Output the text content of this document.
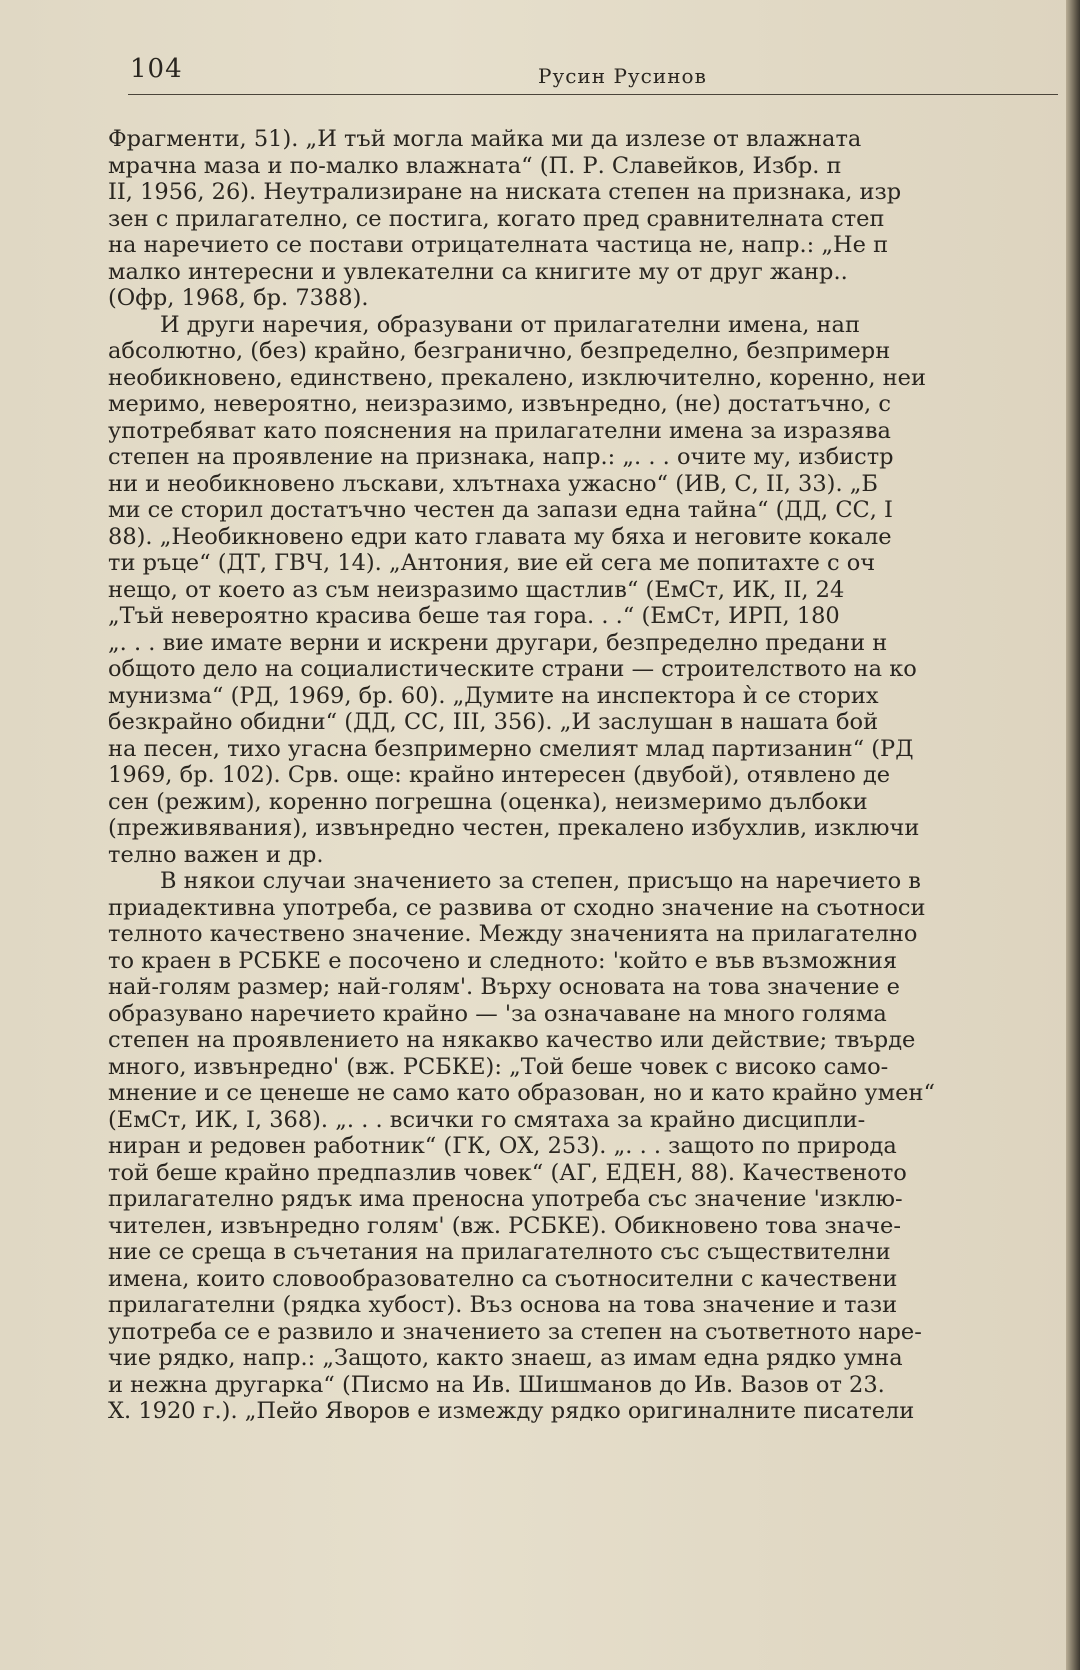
104	Русин Русинов
Фрагменти, 51). „И тъй могла майка ми да излезе от влажната
мрачна маза и по-малко влажната“ (П. Р. Славейков, Избр. п
II, 1956, 26). Неутрализиране на ниската степен на признака, изр
зен с прилагателно, се постига, когато пред сравнителната степ
на наречието се постави отрицателната частица не, напр.: „Не п
малко интересни и увлекателни са книгите му от друг жанр..
(Офр, 1968, бр. 7388).
И други наречия, образувани от прилагателни имена, нап
абсолютно, (без) крайно, безгранично, безпределно, безпримерн
необикновено, единствено, прекалено, изключително, коренно, неи
меримо, невероятно, неизразимо, извънредно, (не) достатъчно, с
употребяват като пояснения на прилагателни имена за изразява
степен на проявление на признака, напр.: „. . . очите му, избистр
ни и необикновено лъскави, хлътнаха ужасно“ (ИВ, С, II, 33). „Б
ми се сторил достатъчно честен да запази една тайна“ (ДД, СС, I
88). „Необикновено едри като главата му бяха и неговите кокале
ти ръце“ (ДТ, ГВЧ, 14). „Антония, вие ей сега ме попитахте с оч
нещо, от което аз съм неизразимо щастлив“ (ЕмСт, ИК, II, 24
„Тъй невероятно красива беше тая гора. . .“ (ЕмСт, ИРП, 180
„. . . вие имате верни и искрени другари, безпределно предани н
общото дело на социалистическите страни — строителството на ко
мунизма“ (РД, 1969, бр. 60). „Думите на инспектора ѝ се сторих
безкрайно обидни“ (ДД, СС, III, 356). „И заслушан в нашата бой
на песен, тихо угасна безпримерно смелият млад партизанин“ (РД
1969, бр. 102). Срв. още: крайно интересен (двубой), отявлено де
сен (режим), коренно погрешна (оценка), неизмеримо дълбоки
(преживявания), извънредно честен, прекалено избухлив, изключи
телно важен и др.
В някои случаи значението за степен, присъщо на наречието в
приадективна употреба, се развива от сходно значение на съотноси
телното качествено значение. Между значенията на прилагателно
то краен в РСБКЕ е посочено и следното: 'който е във възможния
най-голям размер; най-голям'. Върху основата на това значение е
образувано наречието крайно — 'за означаване на много голяма
степен на проявлението на някакво качество или действие; твърде
много, извънредно' (вж. РСБКЕ): „Той беше човек с високо само-
мнение и се ценеше не само като образован, но и като крайно умен“
(ЕмСт, ИК, I, 368). „. . . всички го смятаха за крайно дисципли-
ниран и редовен работник“ (ГК, ОХ, 253). „. . . защото по природа
той беше крайно предпазлив човек“ (АГ, ЕДЕН, 88). Качественото
прилагателно рядък има преносна употреба със значение 'изклю-
чителен, извънредно голям' (вж. РСБКЕ). Обикновено това значе-
ние се среща в съчетания на прилагателното със съществителни
имена, които словообразователно са съотносителни с качествени
прилагателни (рядка хубост). Въз основа на това значение и тази
употреба се е развило и значението за степен на съответното наре-
чие рядко, напр.: „Защото, както знаеш, аз имам една рядко умна
и нежна другарка“ (Писмо на Ив. Шишманов до Ив. Вазов от 23.
X. 1920 г.). „Пейо Яворов е измежду рядко оригиналните писатели
